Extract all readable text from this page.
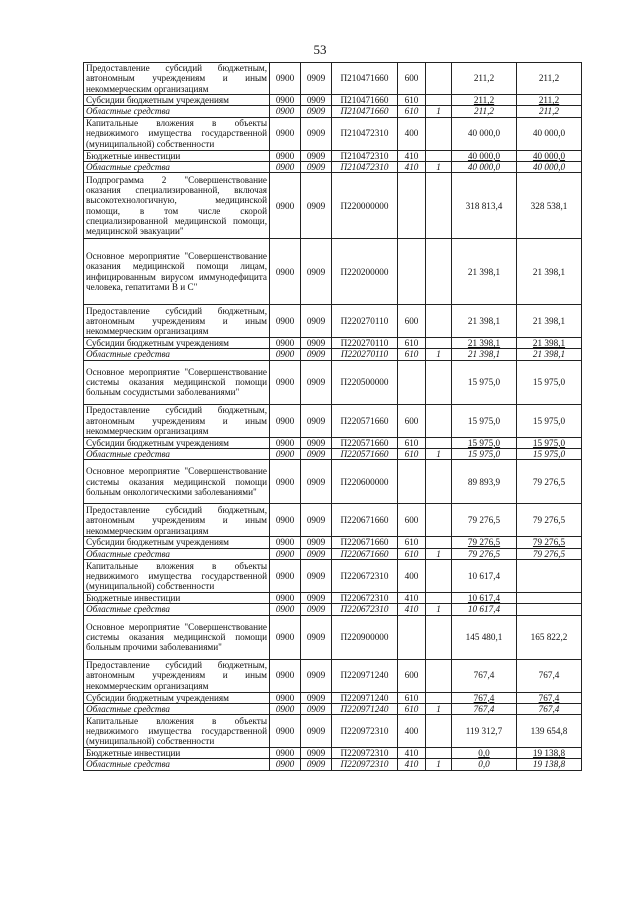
53
Предоставление субсидий бюджетным, автономным учреждениям и иным некоммерческим организациям	0900	0909	П210471660	600		211,2	211,2
Субсидии бюджетным учреждениям	0900	0909	П210471660	610		211,2	211,2
Областные средства	0900	0909	П210471660	610	1	211,2	211,2
Капитальные вложения в объекты недвижимого имущества государственной (муниципальной) собственности	0900	0909	П210472310	400		40 000,0	40 000,0
Бюджетные инвестиции	0900	0909	П210472310	410		40 000,0	40 000,0
Областные средства	0900	0909	П210472310	410	1	40 000,0	40 000,0
Подпрограмма 2 "Совершенствование оказания специализированной, включая высокотехнологичную, медицинской помощи, в том числе скорой специализированной медицинской помощи, медицинской эвакуации"	0900	0909	П220000000			318 813,4	328 538,1
Основное мероприятие "Совершенствование оказания медицинской помощи лицам, инфицированным вирусом иммунодефицита человека, гепатитами В и С"	0900	0909	П220200000			21 398,1	21 398,1
Предоставление субсидий бюджетным, автономным учреждениям и иным некоммерческим организациям	0900	0909	П220270110	600		21 398,1	21 398,1
Субсидии бюджетным учреждениям	0900	0909	П220270110	610		21 398,1	21 398,1
Областные средства	0900	0909	П220270110	610	1	21 398,1	21 398,1
Основное мероприятие "Совершенствование системы оказания медицинской помощи больным сосудистыми заболеваниями"	0900	0909	П220500000			15 975,0	15 975,0
Предоставление субсидий бюджетным, автономным учреждениям и иным некоммерческим организациям	0900	0909	П220571660	600		15 975,0	15 975,0
Субсидии бюджетным учреждениям	0900	0909	П220571660	610		15 975,0	15 975,0
Областные средства	0900	0909	П220571660	610	1	15 975,0	15 975,0
Основное мероприятие "Совершенствование системы оказания медицинской помощи больным онкологическими заболеваниями"	0900	0909	П220600000			89 893,9	79 276,5
Предоставление субсидий бюджетным, автономным учреждениям и иным некоммерческим организациям	0900	0909	П220671660	600		79 276,5	79 276,5
Субсидии бюджетным учреждениям	0900	0909	П220671660	610		79 276,5	79 276,5
Областные средства	0900	0909	П220671660	610	1	79 276,5	79 276,5
Капитальные вложения в объекты недвижимого имущества государственной (муниципальной) собственности	0900	0909	П220672310	400		10 617,4	
Бюджетные инвестиции	0900	0909	П220672310	410		10 617,4	
Областные средства	0900	0909	П220672310	410	1	10 617,4	
Основное мероприятие "Совершенствование системы оказания медицинской помощи больным прочими заболеваниями"	0900	0909	П220900000			145 480,1	165 822,2
Предоставление субсидий бюджетным, автономным учреждениям и иным некоммерческим организациям	0900	0909	П220971240	600		767,4	767,4
Субсидии бюджетным учреждениям	0900	0909	П220971240	610		767,4	767,4
Областные средства	0900	0909	П220971240	610	1	767,4	767,4
Капитальные вложения в объекты недвижимого имущества государственной (муниципальной) собственности	0900	0909	П220972310	400		119 312,7	139 654,8
Бюджетные инвестиции	0900	0909	П220972310	410		0,0	19 138,8
Областные средства	0900	0909	П220972310	410	1	0,0	19 138,8
